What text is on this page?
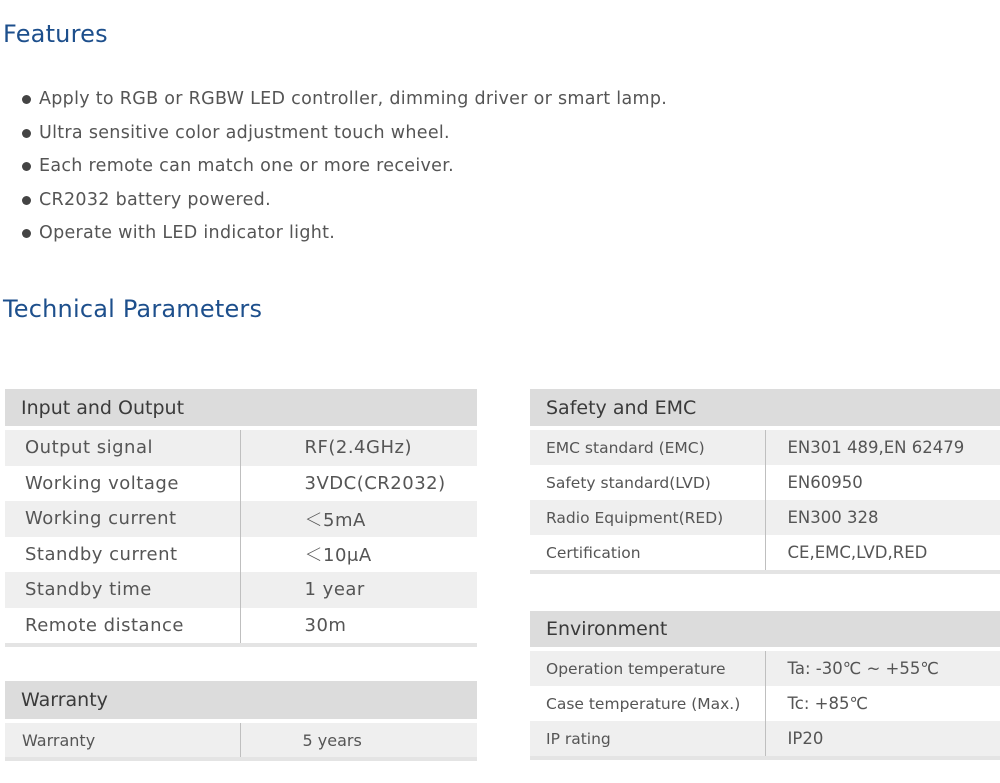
Features
Apply to RGB or RGBW LED controller, dimming driver or smart lamp.
Ultra sensitive color adjustment touch wheel.
Each remote can match one or more receiver.
CR2032 battery powered.
Operate with LED indicator light.
Technical Parameters
Input and Output	
Output signal	RF(2.4GHz)
Working voltage	3VDC(CR2032)
Working current	＜5mA
Standby current	＜10μA
Standby time	1 year
Remote distance	30m
Warranty
Warranty	5 years
Safety and EMC	
EMC standard (EMC)	EN301 489,EN 62479
Safety standard(LVD)	EN60950
Radio Equipment(RED)	EN300 328
Certification	CE,EMC,LVD,RED
Environment	
Operation temperature	Ta: -30℃ ~ +55℃
Case temperature (Max.)	Tc: +85℃
IP rating	IP20
